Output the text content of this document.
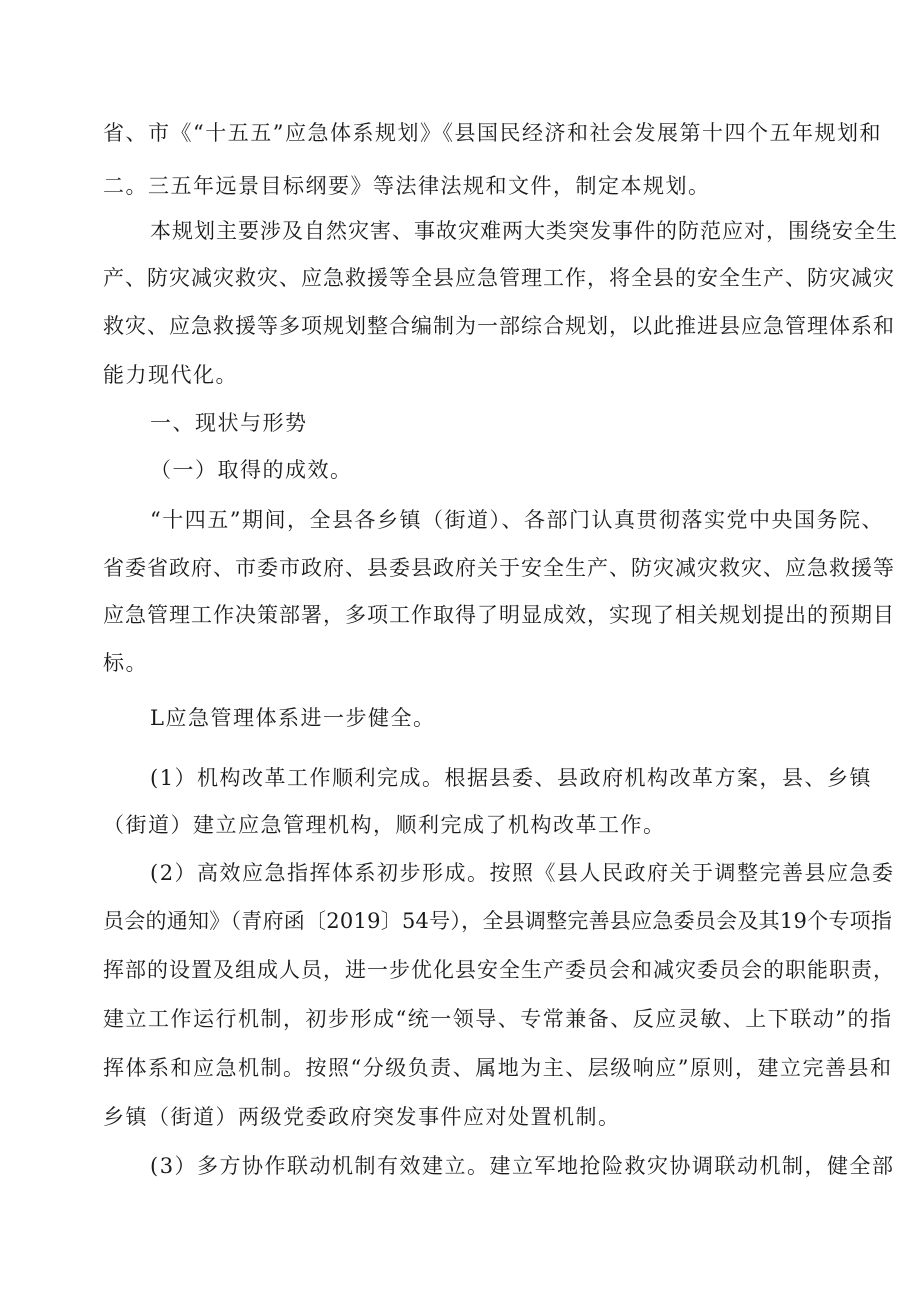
省、市《“十五五”应急体系规划》《县国民经济和社会发展第十四个五年规划和
二。三五年远景目标纲要》等法律法规和文件，制定本规划。
本规划主要涉及自然灾害、事故灾难两大类突发事件的防范应对，围绕安全生
产、防灾减灾救灾、应急救援等全县应急管理工作，将全县的安全生产、防灾减灾
救灾、应急救援等多项规划整合编制为一部综合规划，以此推进县应急管理体系和
能力现代化。
一、现状与形势
（一）取得的成效。
“十四五”期间，全县各乡镇（街道）、各部门认真贯彻落实党中央国务院、
省委省政府、市委市政府、县委县政府关于安全生产、防灾减灾救灾、应急救援等
应急管理工作决策部署，多项工作取得了明显成效，实现了相关规划提出的预期目
标。
L应急管理体系进一步健全。
(1）机构改革工作顺利完成。根据县委、县政府机构改革方案，县、乡镇
（街道）建立应急管理机构，顺利完成了机构改革工作。
(2）高效应急指挥体系初步形成。按照《县人民政府关于调整完善县应急委
员会的通知》（青府函〔2019〕54号），全县调整完善县应急委员会及其19个专项指
挥部的设置及组成人员，进一步优化县安全生产委员会和减灾委员会的职能职责，
建立工作运行机制，初步形成“统一领导、专常兼备、反应灵敏、上下联动”的指
挥体系和应急机制。按照“分级负责、属地为主、层级响应”原则，建立完善县和
乡镇（街道）两级党委政府突发事件应对处置机制。
(3）多方协作联动机制有效建立。建立军地抢险救灾协调联动机制，健全部
